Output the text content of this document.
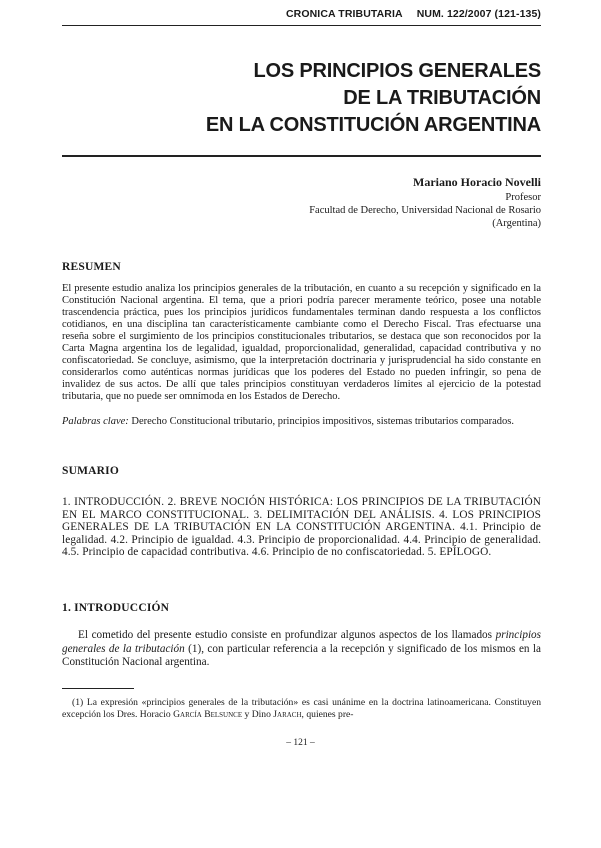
CRONICA TRIBUTARIA NUM. 122/2007 (121-135)
LOS PRINCIPIOS GENERALES
DE LA TRIBUTACIÓN
EN LA CONSTITUCIÓN ARGENTINA
Mariano Horacio Novelli
Profesor
Facultad de Derecho, Universidad Nacional de Rosario
(Argentina)
RESUMEN
El presente estudio analiza los principios generales de la tributación, en cuanto a su recepción y significado en la Constitución Nacional argentina. El tema, que a priori podría parecer meramente teórico, posee una notable trascendencia práctica, pues los principios jurídicos fundamentales terminan dando respuesta a los conflictos cotidianos, en una disciplina tan característicamente cambiante como el Derecho Fiscal. Tras efectuarse una reseña sobre el surgimiento de los principios constitucionales tributarios, se destaca que son reconocidos por la Carta Magna argentina los de legalidad, igualdad, proporcionalidad, generalidad, capacidad contributiva y no confiscatoriedad. Se concluye, asimismo, que la interpretación doctrinaria y jurisprudencial ha sido constante en considerarlos como auténticas normas jurídicas que los poderes del Estado no pueden infringir, so pena de invalidez de sus actos. De allí que tales principios constituyan verdaderos límites al ejercicio de la potestad tributaria, que no puede ser omnímoda en los Estados de Derecho.
Palabras clave: Derecho Constitucional tributario, principios impositivos, sistemas tributarios comparados.
SUMARIO
1. INTRODUCCIÓN. 2. BREVE NOCIÓN HISTÓRICA: LOS PRINCIPIOS DE LA TRIBUTACIÓN EN EL MARCO CONSTITUCIONAL. 3. DELIMITACIÓN DEL ANÁLISIS. 4. LOS PRINCIPIOS GENERALES DE LA TRIBUTACIÓN EN LA CONSTITUCIÓN ARGENTINA. 4.1. Principio de legalidad. 4.2. Principio de igualdad. 4.3. Principio de proporcionalidad. 4.4. Principio de generalidad. 4.5. Principio de capacidad contributiva. 4.6. Principio de no confiscatoriedad. 5. EPÍLOGO.
1. INTRODUCCIÓN
El cometido del presente estudio consiste en profundizar algunos aspectos de los llamados principios generales de la tributación (1), con particular referencia a la recepción y significado de los mismos en la Constitución Nacional argentina.
(1) La expresión «principios generales de la tributación» es casi unánime en la doctrina latinoamericana. Constituyen excepción los Dres. Horacio García Belsunce y Dino Jarach, quienes pre-
– 121 –
